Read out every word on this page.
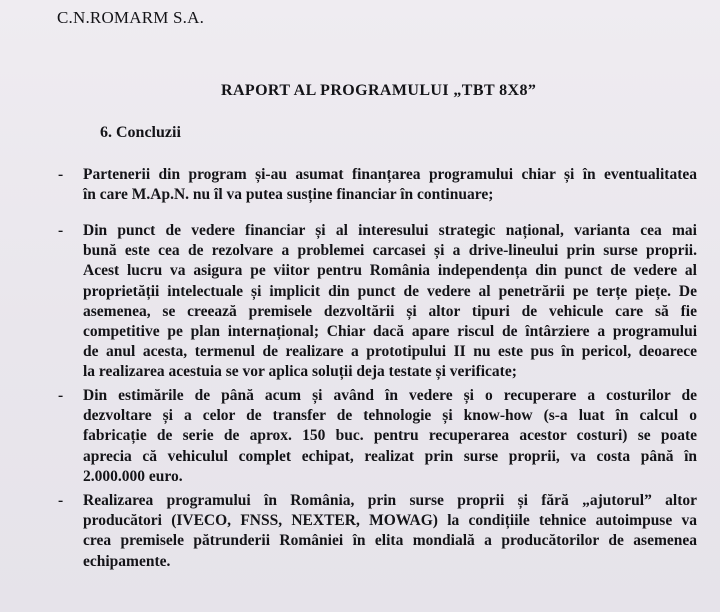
C.N.ROMARM S.A.
RAPORT AL PROGRAMULUI „TBT 8X8”
6. Concluzii
- Partenerii din program și-au asumat finanțarea programului chiar și în eventualitatea
în care M.Ap.N. nu îl va putea susține financiar în continuare;
- Din punct de vedere financiar și al interesului strategic național, varianta cea mai
bună este cea de rezolvare a problemei carcasei și a drive-lineului prin surse proprii.
Acest lucru va asigura pe viitor pentru România independența din punct de vedere al
proprietății intelectuale și implicit din punct de vedere al penetrării pe terțe piețe. De
asemenea, se creează premisele dezvoltării și altor tipuri de vehicule care să fie
competitive pe plan internațional; Chiar dacă apare riscul de întârziere a programului
de anul acesta, termenul de realizare a prototipului II nu este pus în pericol, deoarece
la realizarea acestuia se vor aplica soluții deja testate și verificate;
- Din estimările de până acum și având în vedere și o recuperare a costurilor de
dezvoltare și a celor de transfer de tehnologie și know-how (s-a luat în calcul o
fabricație de serie de aprox. 150 buc. pentru recuperarea acestor costuri) se poate
aprecia că vehiculul complet echipat, realizat prin surse proprii, va costa până în
2.000.000 euro.
- Realizarea programului în România, prin surse proprii și fără „ajutorul” altor
producători (IVECO, FNSS, NEXTER, MOWAG) la condițiile tehnice autoimpuse va
crea premisele pătrunderii României în elita mondială a producătorilor de asemenea
echipamente.
